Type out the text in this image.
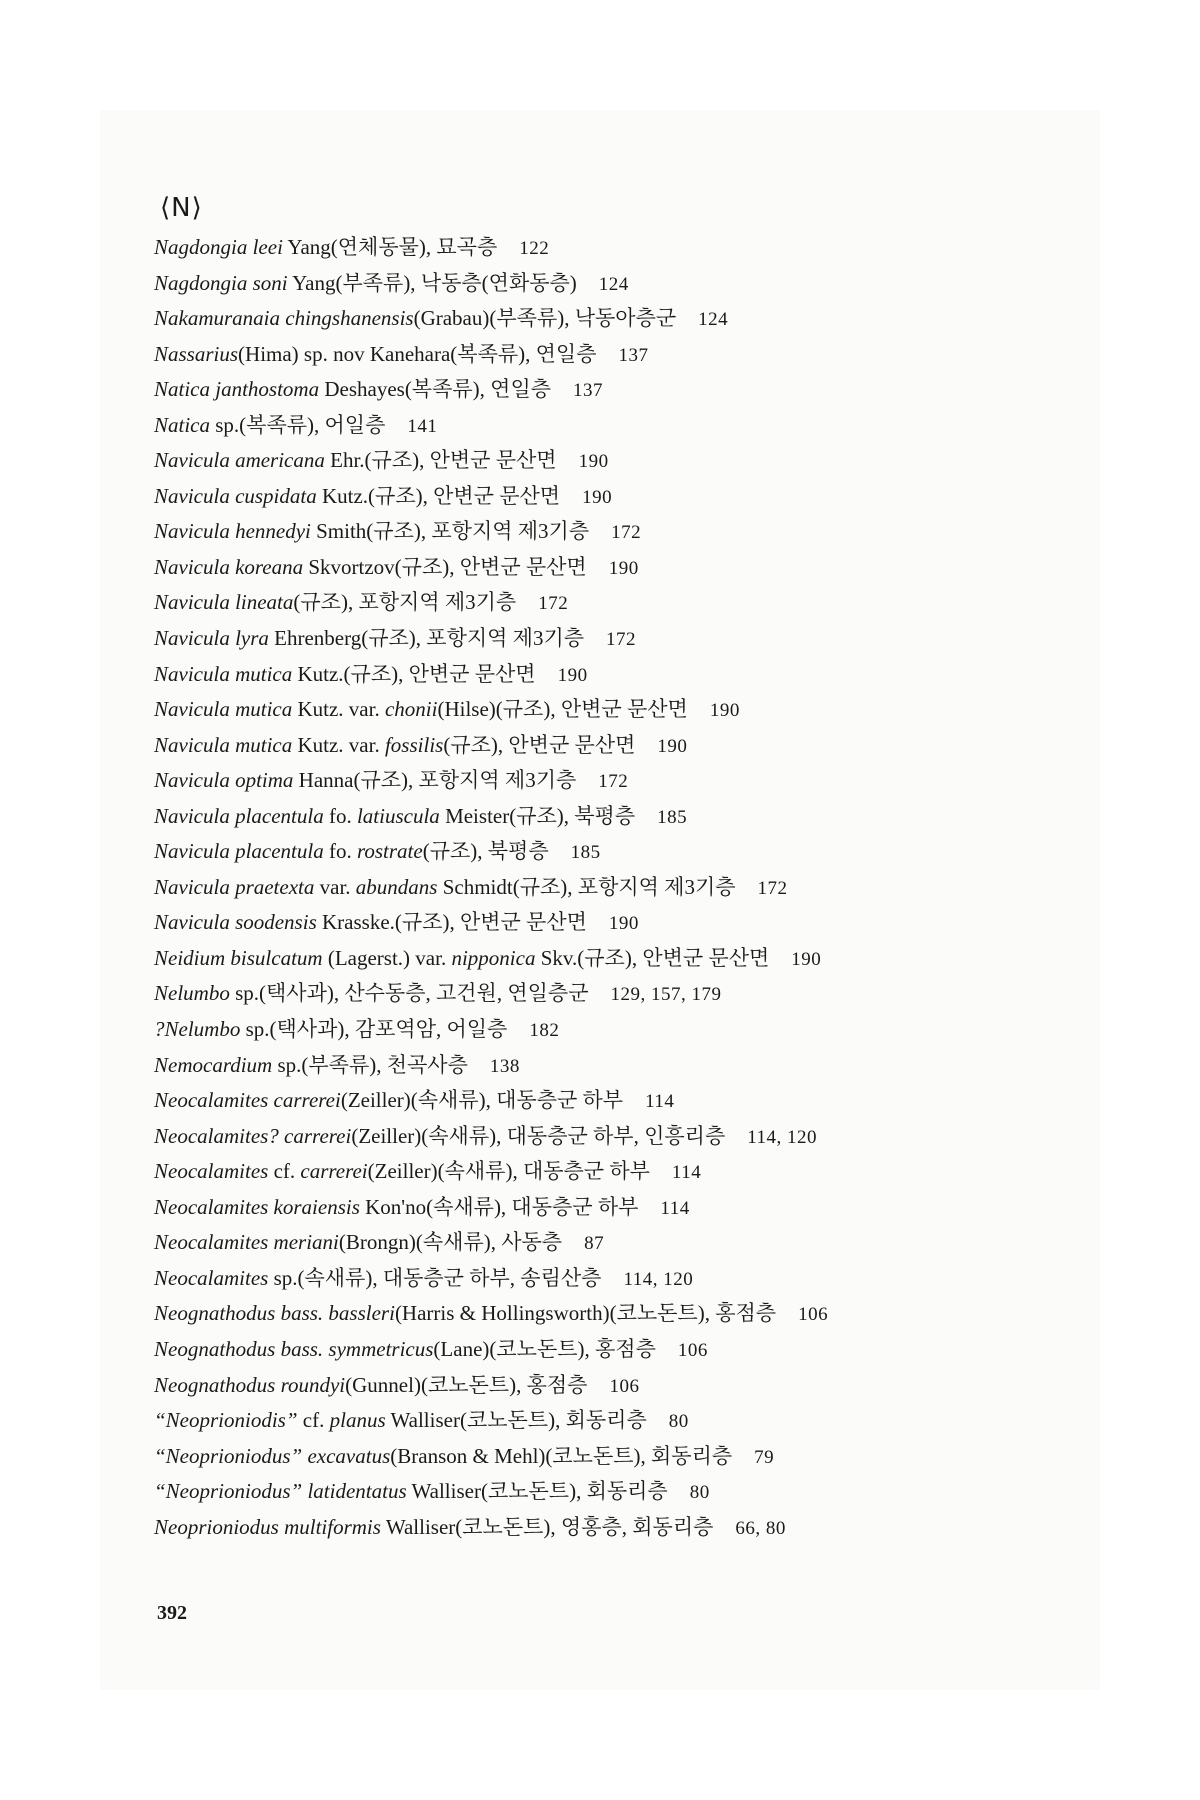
⟨N⟩
Nagdongia leei Yang(연체동물), 묘곡층 122
Nagdongia soni Yang(부족류), 낙동층(연화동층) 124
Nakamuranaia chingshanensis(Grabau)(부족류), 낙동아층군 124
Nassarius(Hima) sp. nov Kanehara(복족류), 연일층 137
Natica janthostoma Deshayes(복족류), 연일층 137
Natica sp.(복족류), 어일층 141
Navicula americana Ehr.(규조), 안변군 문산면 190
Navicula cuspidata Kutz.(규조), 안변군 문산면 190
Navicula hennedyi Smith(규조), 포항지역 제3기층 172
Navicula koreana Skvortzov(규조), 안변군 문산면 190
Navicula lineata(규조), 포항지역 제3기층 172
Navicula lyra Ehrenberg(규조), 포항지역 제3기층 172
Navicula mutica Kutz.(규조), 안변군 문산면 190
Navicula mutica Kutz. var. chonii(Hilse)(규조), 안변군 문산면 190
Navicula mutica Kutz. var. fossilis(규조), 안변군 문산면 190
Navicula optima Hanna(규조), 포항지역 제3기층 172
Navicula placentula fo. latiuscula Meister(규조), 북평층 185
Navicula placentula fo. rostrate(규조), 북평층 185
Navicula praetexta var. abundans Schmidt(규조), 포항지역 제3기층 172
Navicula soodensis Krasske.(규조), 안변군 문산면 190
Neidium bisulcatum (Lagerst.) var. nipponica Skv.(규조), 안변군 문산면 190
Nelumbo sp.(택사과), 산수동층, 고건원, 연일층군 129, 157, 179
?Nelumbo sp.(택사과), 감포역암, 어일층 182
Nemocardium sp.(부족류), 천곡사층 138
Neocalamites carrerei(Zeiller)(속새류), 대동층군 하부 114
Neocalamites? carrerei(Zeiller)(속새류), 대동층군 하부, 인흥리층 114, 120
Neocalamites cf. carrerei(Zeiller)(속새류), 대동층군 하부 114
Neocalamites koraiensis Kon'no(속새류), 대동층군 하부 114
Neocalamites meriani(Brongn)(속새류), 사동층 87
Neocalamites sp.(속새류), 대동층군 하부, 송림산층 114, 120
Neognathodus bass. bassleri(Harris & Hollingsworth)(코노돈트), 홍점층 106
Neognathodus bass. symmetricus(Lane)(코노돈트), 홍점층 106
Neognathodus roundyi(Gunnel)(코노돈트), 홍점층 106
“Neoprioniodis” cf. planus Walliser(코노돈트), 회동리층 80
“Neoprioniodus” excavatus(Branson & Mehl)(코노돈트), 회동리층 79
“Neoprioniodus” latidentatus Walliser(코노돈트), 회동리층 80
Neoprioniodus multiformis Walliser(코노돈트), 영홍층, 회동리층 66, 80
392
